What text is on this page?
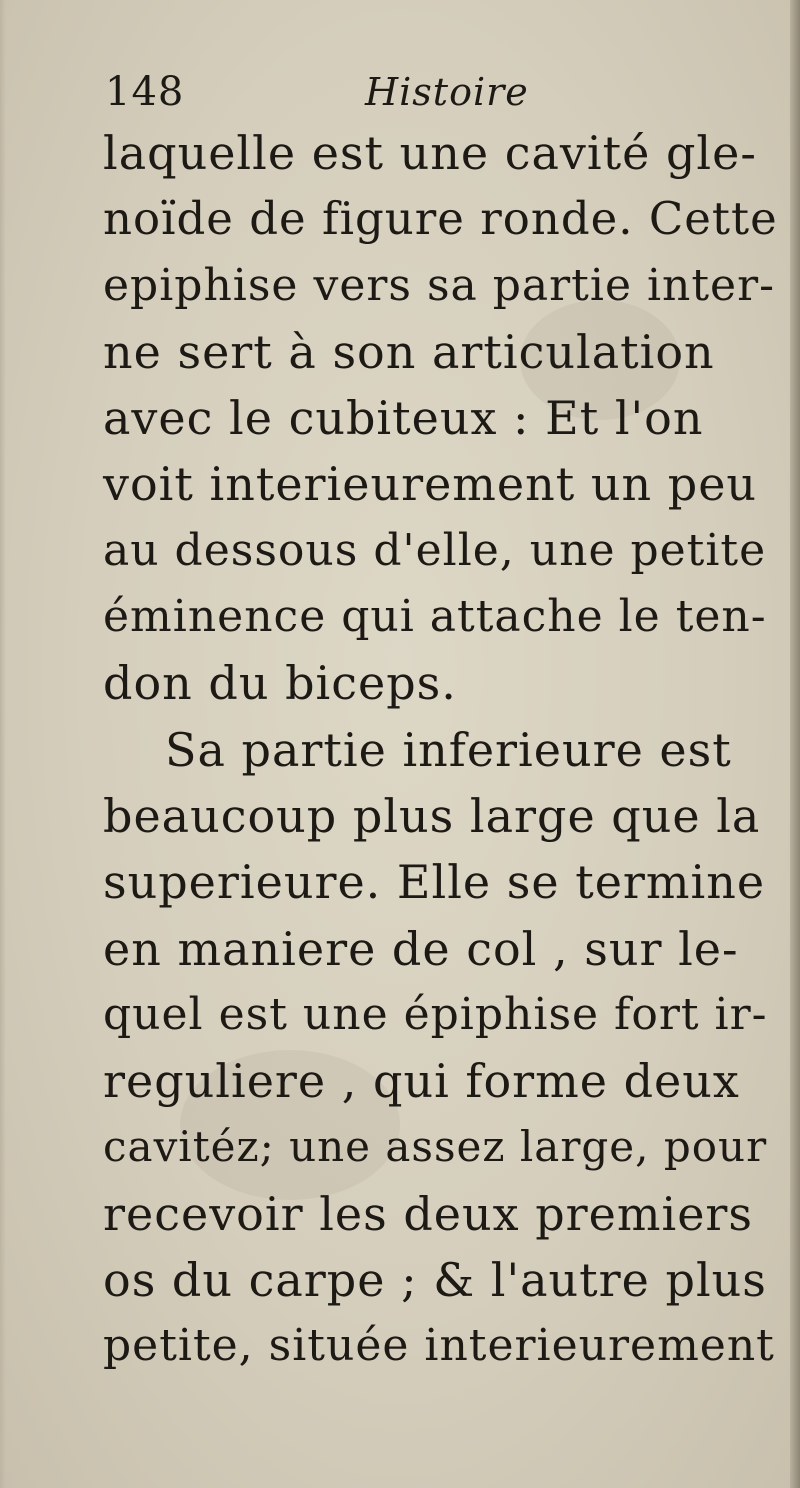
148	Histoire
laquelle est une cavité gle-
noïde de figure ronde. Cette
epiphise vers sa partie inter-
ne sert à son articulation
avec le cubiteux : Et l'on
voit interieurement un peu
au dessous d'elle, une petite
éminence qui attache le ten-
don du biceps.
Sa partie inferieure est
beaucoup plus large que la
superieure. Elle se termine
en maniere de col , sur le-
quel est une épiphise fort ir-
reguliere , qui forme deux
cavitéz; une assez large, pour
recevoir les deux premiers
os du carpe ; & l'autre plus
petite, située interieurement
